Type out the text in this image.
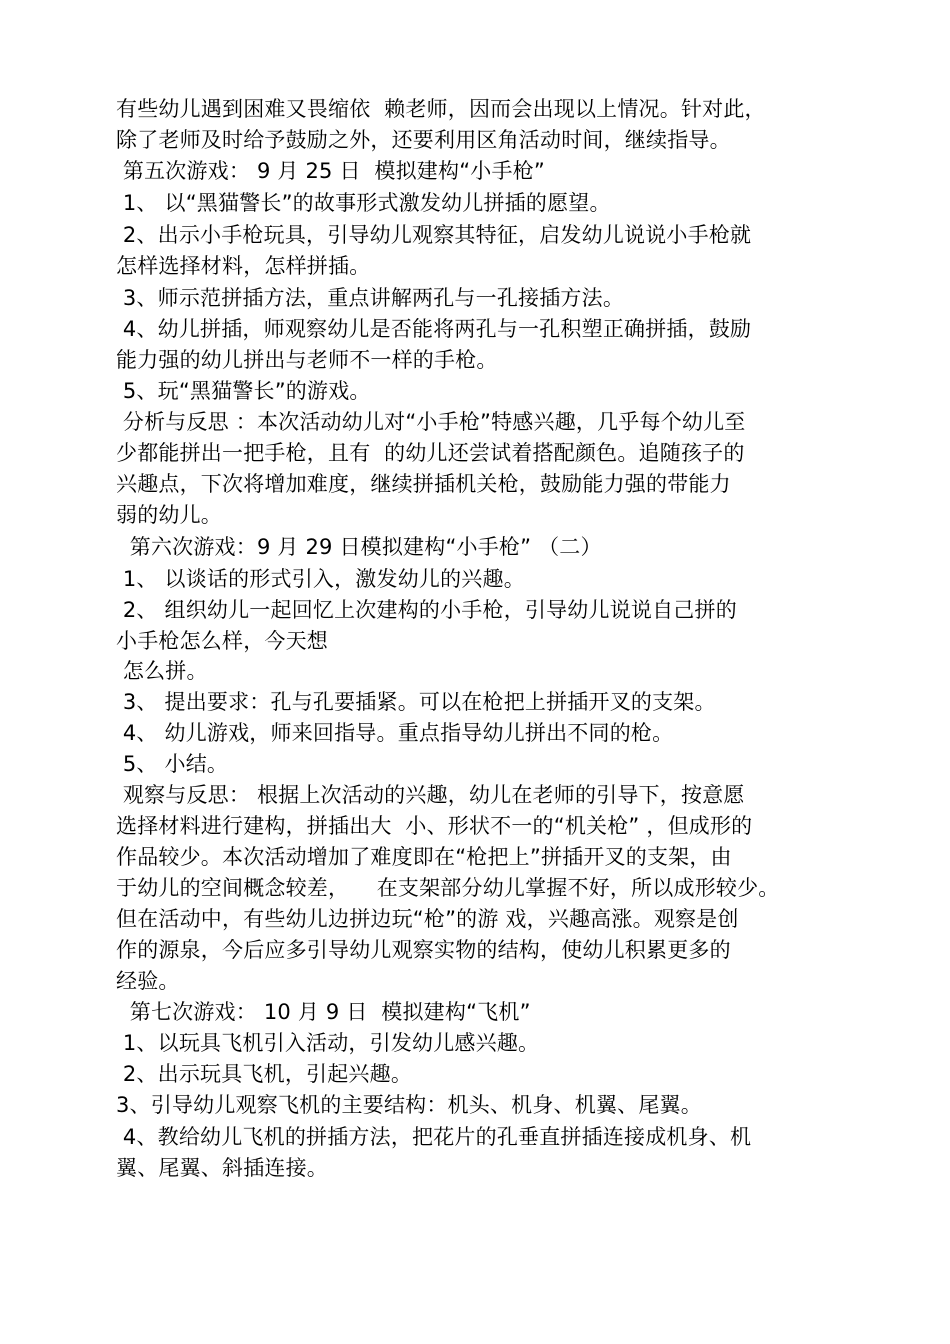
有些幼儿遇到困难又畏缩依  赖老师，因而会出现以上情况。针对此，
除了老师及时给予鼓励之外，还要利用区角活动时间，继续指导。
第五次游戏： 9 月 25 日  模拟建构“小手枪”
1、 以“黑猫警长”的故事形式激发幼儿拼插的愿望。
2、出示小手枪玩具，引导幼儿观察其特征，启发幼儿说说小手枪就
怎样选择材料，怎样拼插。
3、师示范拼插方法，重点讲解两孔与一孔接插方法。
4、幼儿拼插，师观察幼儿是否能将两孔与一孔积塑正确拼插，鼓励
能力强的幼儿拼出与老师不一样的手枪。
5、玩“黑猫警长”的游戏。
分析与反思 ：本次活动幼儿对“小手枪”特感兴趣，几乎每个幼儿至
少都能拼出一把手枪，且有  的幼儿还尝试着搭配颜色。追随孩子的
兴趣点，下次将增加难度，继续拼插机关枪，鼓励能力强的带能力
弱的幼儿。
第六次游戏：9 月 29 日模拟建构“小手枪” （二）
1、 以谈话的形式引入，激发幼儿的兴趣。
2、 组织幼儿一起回忆上次建构的小手枪，引导幼儿说说自己拼的
小手枪怎么样，今天想
怎么拼。
3、 提出要求：孔与孔要插紧。可以在枪把上拼插开叉的支架。
4、 幼儿游戏，师来回指导。重点指导幼儿拼出不同的枪。
5、 小结。
观察与反思： 根据上次活动的兴趣，幼儿在老师的引导下，按意愿
选择材料进行建构，拼插出大  小、形状不一的“机关枪” ，但成形的
作品较少。本次活动增加了难度即在“枪把上”拼插开叉的支架，由
于幼儿的空间概念较差，    在支架部分幼儿掌握不好，所以成形较少。
但在活动中，有些幼儿边拼边玩“枪”的游 戏，兴趣高涨。观察是创
作的源泉，今后应多引导幼儿观察实物的结构，使幼儿积累更多的
经验。
第七次游戏： 10 月 9 日  模拟建构“飞机”
1、以玩具飞机引入活动，引发幼儿感兴趣。
2、出示玩具飞机，引起兴趣。
3、引导幼儿观察飞机的主要结构：机头、机身、机翼、尾翼。
4、教给幼儿飞机的拼插方法，把花片的孔垂直拼插连接成机身、机
翼、尾翼、斜插连接。
